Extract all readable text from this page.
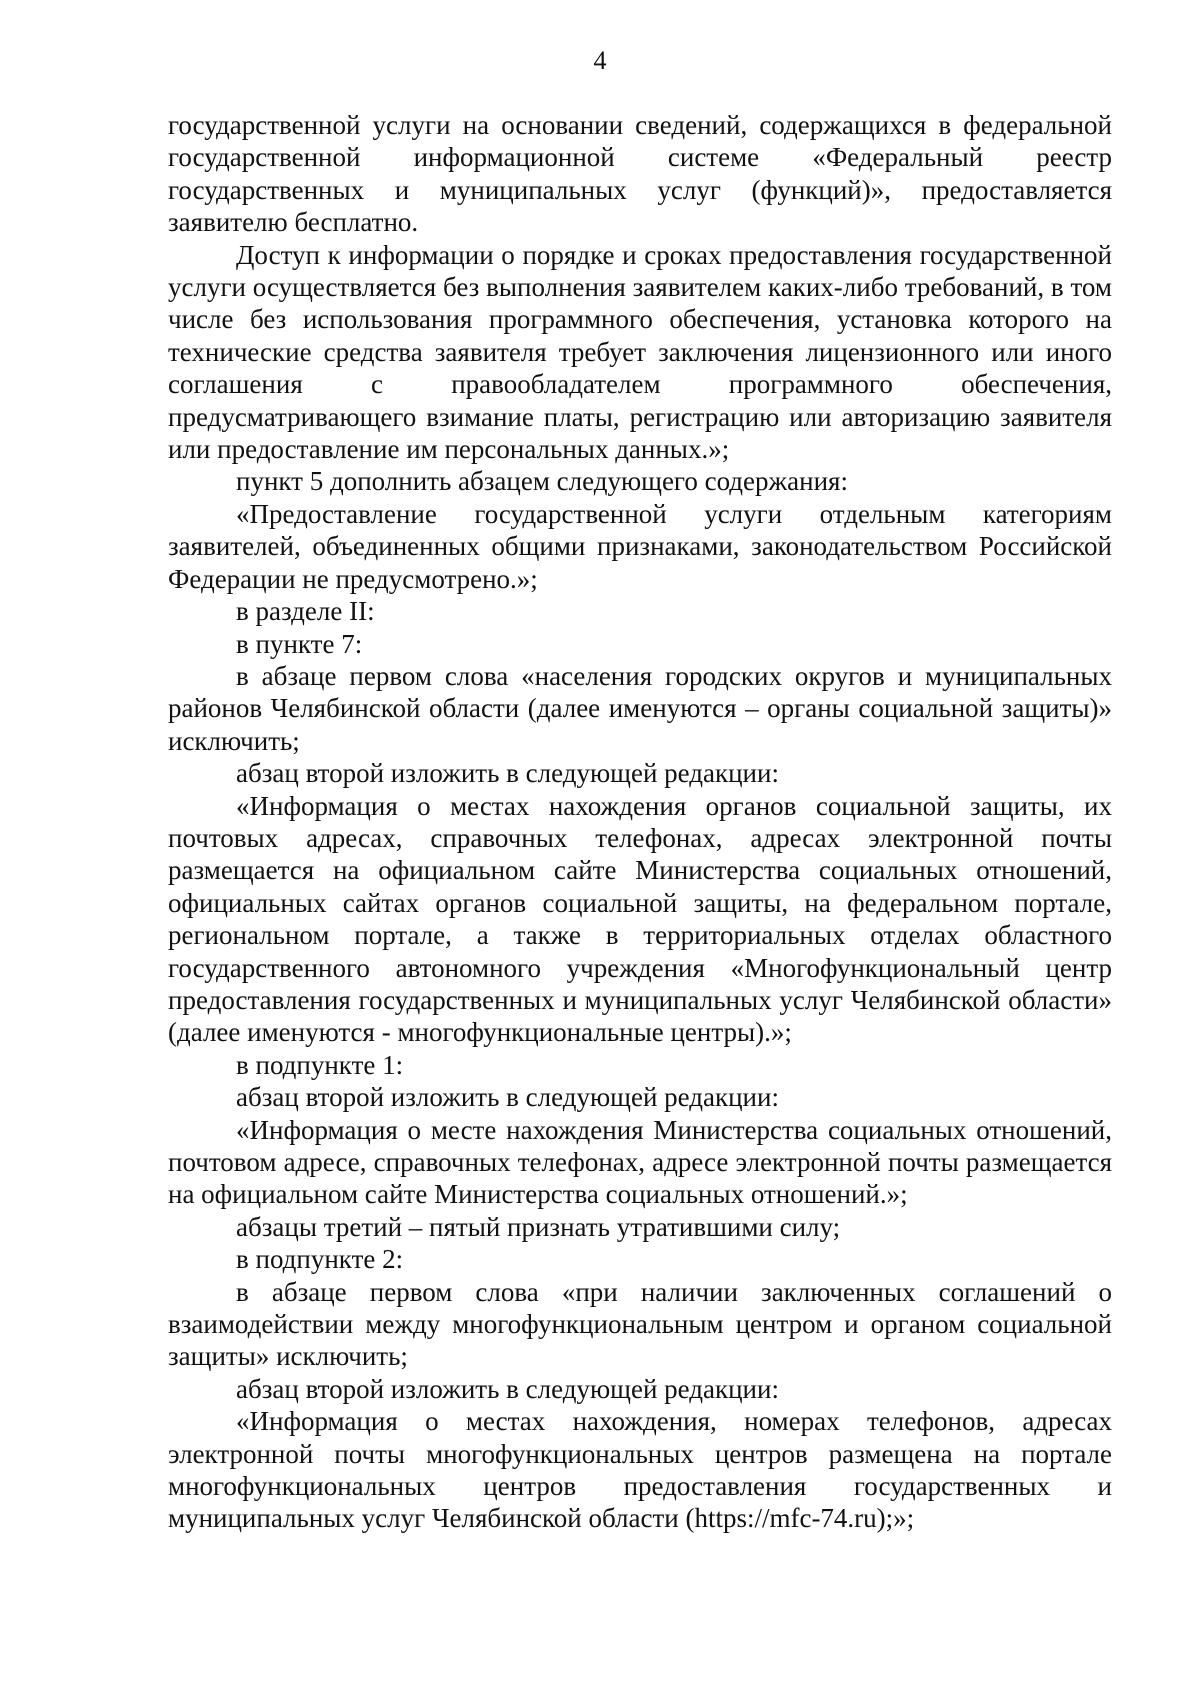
4

государственной услуги на основании сведений, содержащихся в федеральной государственной информационной системе «Федеральный реестр государственных и муниципальных услуг (функций)», предоставляется заявителю бесплатно.

Доступ к информации о порядке и сроках предоставления государственной услуги осуществляется без выполнения заявителем каких-либо требований, в том числе без использования программного обеспечения, установка которого на технические средства заявителя требует заключения лицензионного или иного соглашения с правообладателем программного обеспечения, предусматривающего взимание платы, регистрацию или авторизацию заявителя или предоставление им персональных данных.»;

пункт 5 дополнить абзацем следующего содержания:

«Предоставление государственной услуги отдельным категориям заявителей, объединенных общими признаками, законодательством Российской Федерации не предусмотрено.»;

в разделе II:

в пункте 7:

в абзаце первом слова «населения городских округов и муниципальных районов Челябинской области (далее именуются – органы социальной защиты)» исключить;

абзац второй изложить в следующей редакции:

«Информация о местах нахождения органов социальной защиты, их почтовых адресах, справочных телефонах, адресах электронной почты размещается на официальном сайте Министерства социальных отношений, официальных сайтах органов социальной защиты, на федеральном портале, региональном портале, а также в территориальных отделах областного государственного автономного учреждения «Многофункциональный центр предоставления государственных и муниципальных услуг Челябинской области» (далее именуются - многофункциональные центры).»;

в подпункте 1:

абзац второй изложить в следующей редакции:

«Информация о месте нахождения Министерства социальных отношений, почтовом адресе, справочных телефонах, адресе электронной почты размещается на официальном сайте Министерства социальных отношений.»;

абзацы третий – пятый признать утратившими силу;

в подпункте 2:

в абзаце первом слова «при наличии заключенных соглашений о взаимодействии между многофункциональным центром и органом социальной защиты» исключить;

абзац второй изложить в следующей редакции:

«Информация о местах нахождения, номерах телефонов, адресах электронной почты многофункциональных центров размещена на портале многофункциональных центров предоставления государственных и муниципальных услуг Челябинской области (https://mfc-74.ru);»;
